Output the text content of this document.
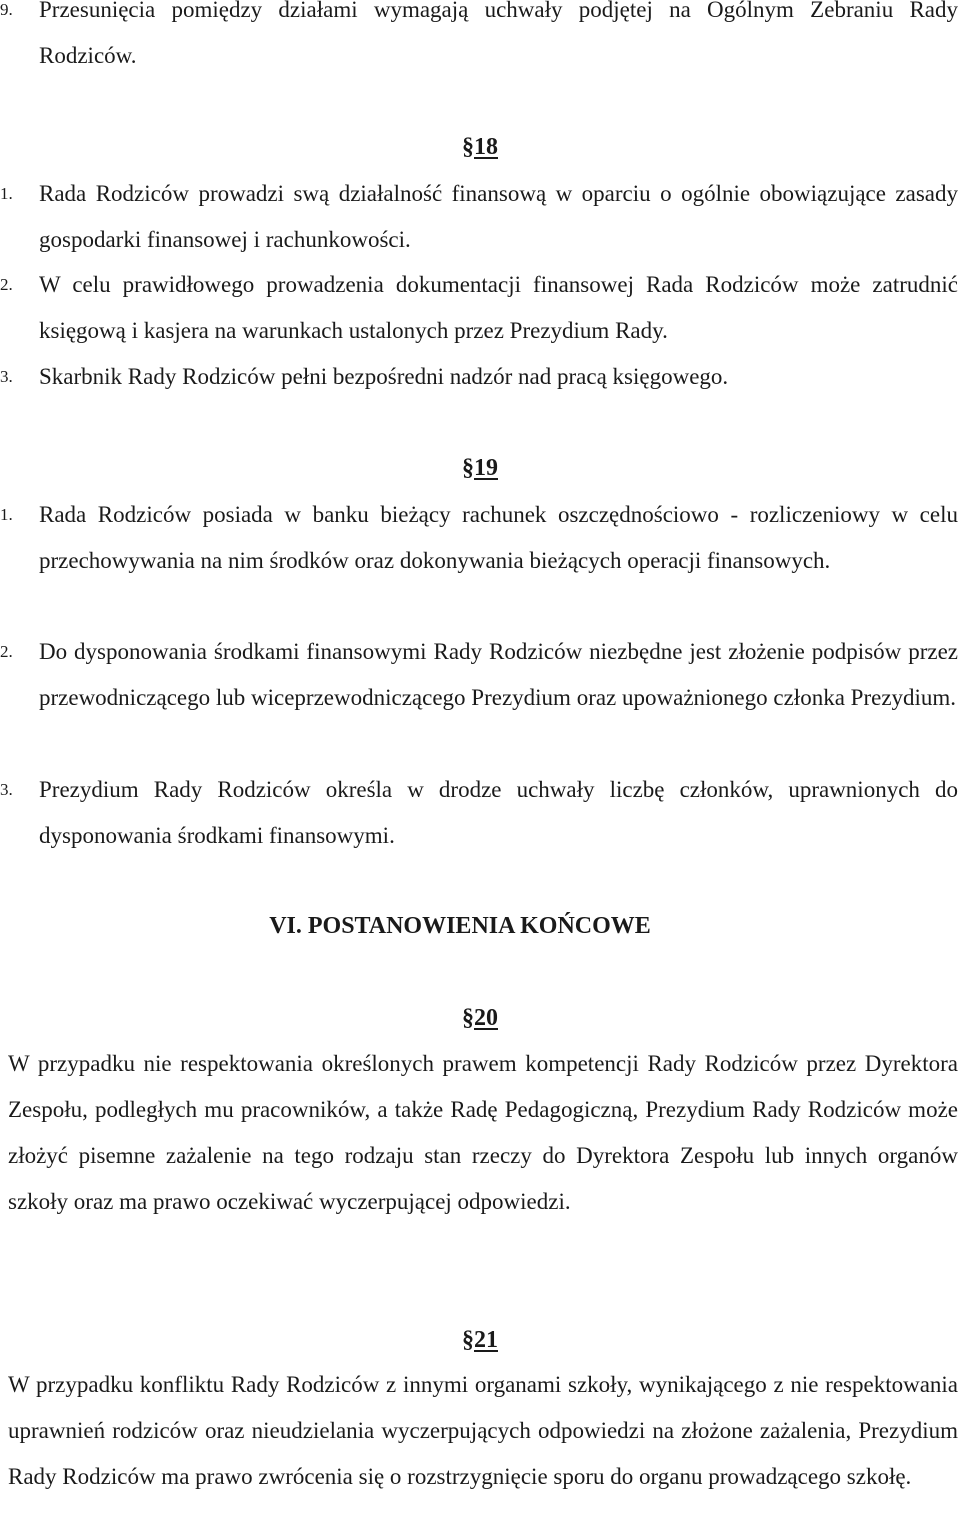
9. Przesunięcia pomiędzy działami wymagają uchwały podjętej na Ogólnym Zebraniu Rady Rodziców.
§18
1. Rada Rodziców prowadzi swą działalność finansową w oparciu o ogólnie obowiązujące zasady gospodarki finansowej i rachunkowości.
2. W celu prawidłowego prowadzenia dokumentacji finansowej Rada Rodziców może zatrudnić księgową i kasjera na warunkach ustalonych przez Prezydium Rady.
3. Skarbnik Rady Rodziców pełni bezpośredni nadzór nad pracą księgowego.
§19
1. Rada Rodziców posiada w banku bieżący rachunek oszczędnościowo - rozliczeniowy w celu przechowywania na nim środków oraz dokonywania bieżących operacji finansowych.
2. Do dysponowania środkami finansowymi Rady Rodziców niezbędne jest złożenie podpisów przez przewodniczącego lub wiceprzewodniczącego Prezydium oraz upoważnionego członka Prezydium.
3. Prezydium Rady Rodziców określa w drodze uchwały liczbę członków, uprawnionych do dysponowania środkami finansowymi.
VI. POSTANOWIENIA KOŃCOWE
§20
W przypadku nie respektowania określonych prawem kompetencji Rady Rodziców przez Dyrektora Zespołu, podległych mu pracowników, a także Radę Pedagogiczną, Prezydium Rady Rodziców może złożyć pisemne zażalenie na tego rodzaju stan rzeczy do Dyrektora Zespołu lub innych organów szkoły oraz ma prawo oczekiwać wyczerpującej odpowiedzi.
§21
W przypadku konfliktu Rady Rodziców z innymi organami szkoły, wynikającego z nie respektowania uprawnień rodziców oraz nieudzielania wyczerpujących odpowiedzi na złożone zażalenia, Prezydium Rady Rodziców ma prawo zwrócenia się o rozstrzygnięcie sporu do organu prowadzącego szkołę.
